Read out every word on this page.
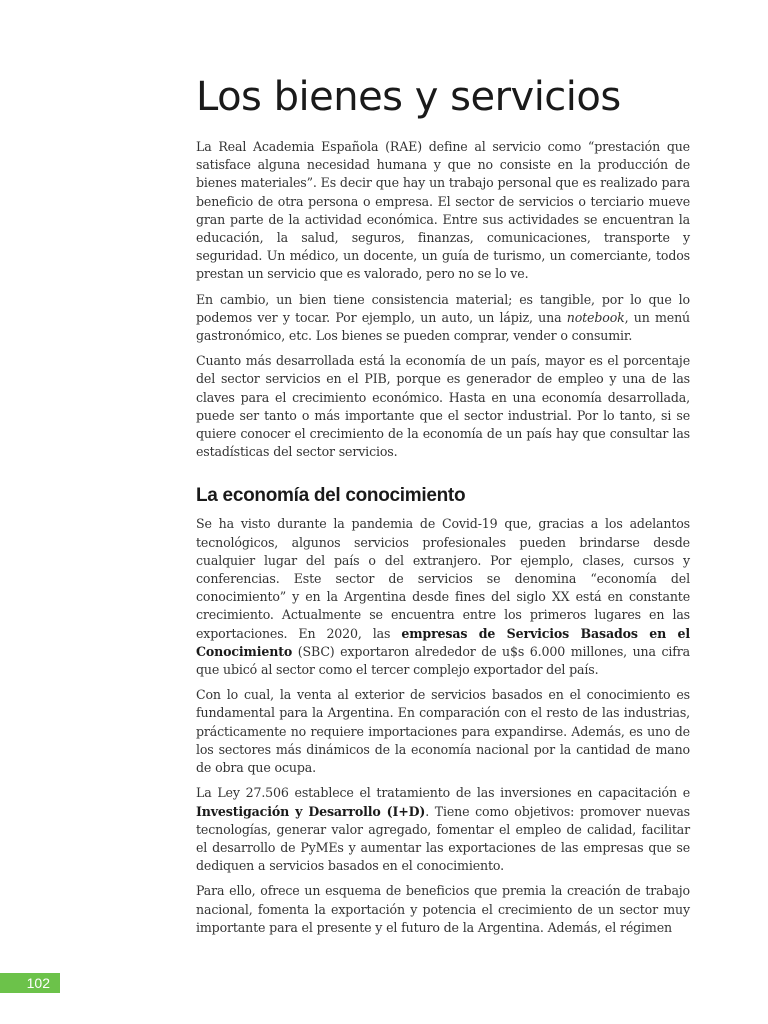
Los bienes y servicios

La Real Academia Española (RAE) define al servicio como “prestación que satisface alguna necesidad humana y que no consiste en la producción de bienes materiales”. Es decir que hay un trabajo personal que es realizado para beneficio de otra persona o empresa. El sector de servicios o terciario mueve gran parte de la actividad económica. Entre sus actividades se encuentran la educación, la salud, seguros, finanzas, comunicaciones, transporte y seguridad. Un médico, un docente, un guía de turismo, un comerciante, todos prestan un servicio que es valorado, pero no se lo ve.

En cambio, un bien tiene consistencia material; es tangible, por lo que lo podemos ver y tocar. Por ejemplo, un auto, un lápiz, una notebook, un menú gastronómico, etc. Los bienes se pueden comprar, vender o consumir.

Cuanto más desarrollada está la economía de un país, mayor es el porcentaje del sector servicios en el PIB, porque es generador de empleo y una de las claves para el crecimiento económico. Hasta en una economía desarrollada, puede ser tanto o más importante que el sector industrial. Por lo tanto, si se quiere conocer el crecimiento de la economía de un país hay que consultar las estadísticas del sector servicios.

La economía del conocimiento

Se ha visto durante la pandemia de Covid-19 que, gracias a los adelantos tecnológicos, algunos servicios profesionales pueden brindarse desde cualquier lugar del país o del extranjero. Por ejemplo, clases, cursos y conferencias. Este sector de servicios se denomina “economía del conocimiento” y en la Argentina desde fines del siglo XX está en constante crecimiento. Actualmente se encuentra entre los primeros lugares en las exportaciones. En 2020, las empresas de Servicios Basados en el Conocimiento (SBC) exportaron alrededor de u$s 6.000 millones, una cifra que ubicó al sector como el tercer complejo exportador del país.

Con lo cual, la venta al exterior de servicios basados en el conocimiento es fundamental para la Argentina. En comparación con el resto de las industrias, prácticamente no requiere importaciones para expandirse. Además, es uno de los sectores más dinámicos de la economía nacional por la cantidad de mano de obra que ocupa.

La Ley 27.506 establece el tratamiento de las inversiones en capacitación e Investigación y Desarrollo (I+D). Tiene como objetivos: promover nuevas tecnologías, generar valor agregado, fomentar el empleo de calidad, facilitar el desarrollo de PyMEs y aumentar las exportaciones de las empresas que se dediquen a servicios basados en el conocimiento.

Para ello, ofrece un esquema de beneficios que premia la creación de trabajo nacional, fomenta la exportación y potencia el crecimiento de un sector muy importante para el presente y el futuro de la Argentina. Además, el régimen

102
